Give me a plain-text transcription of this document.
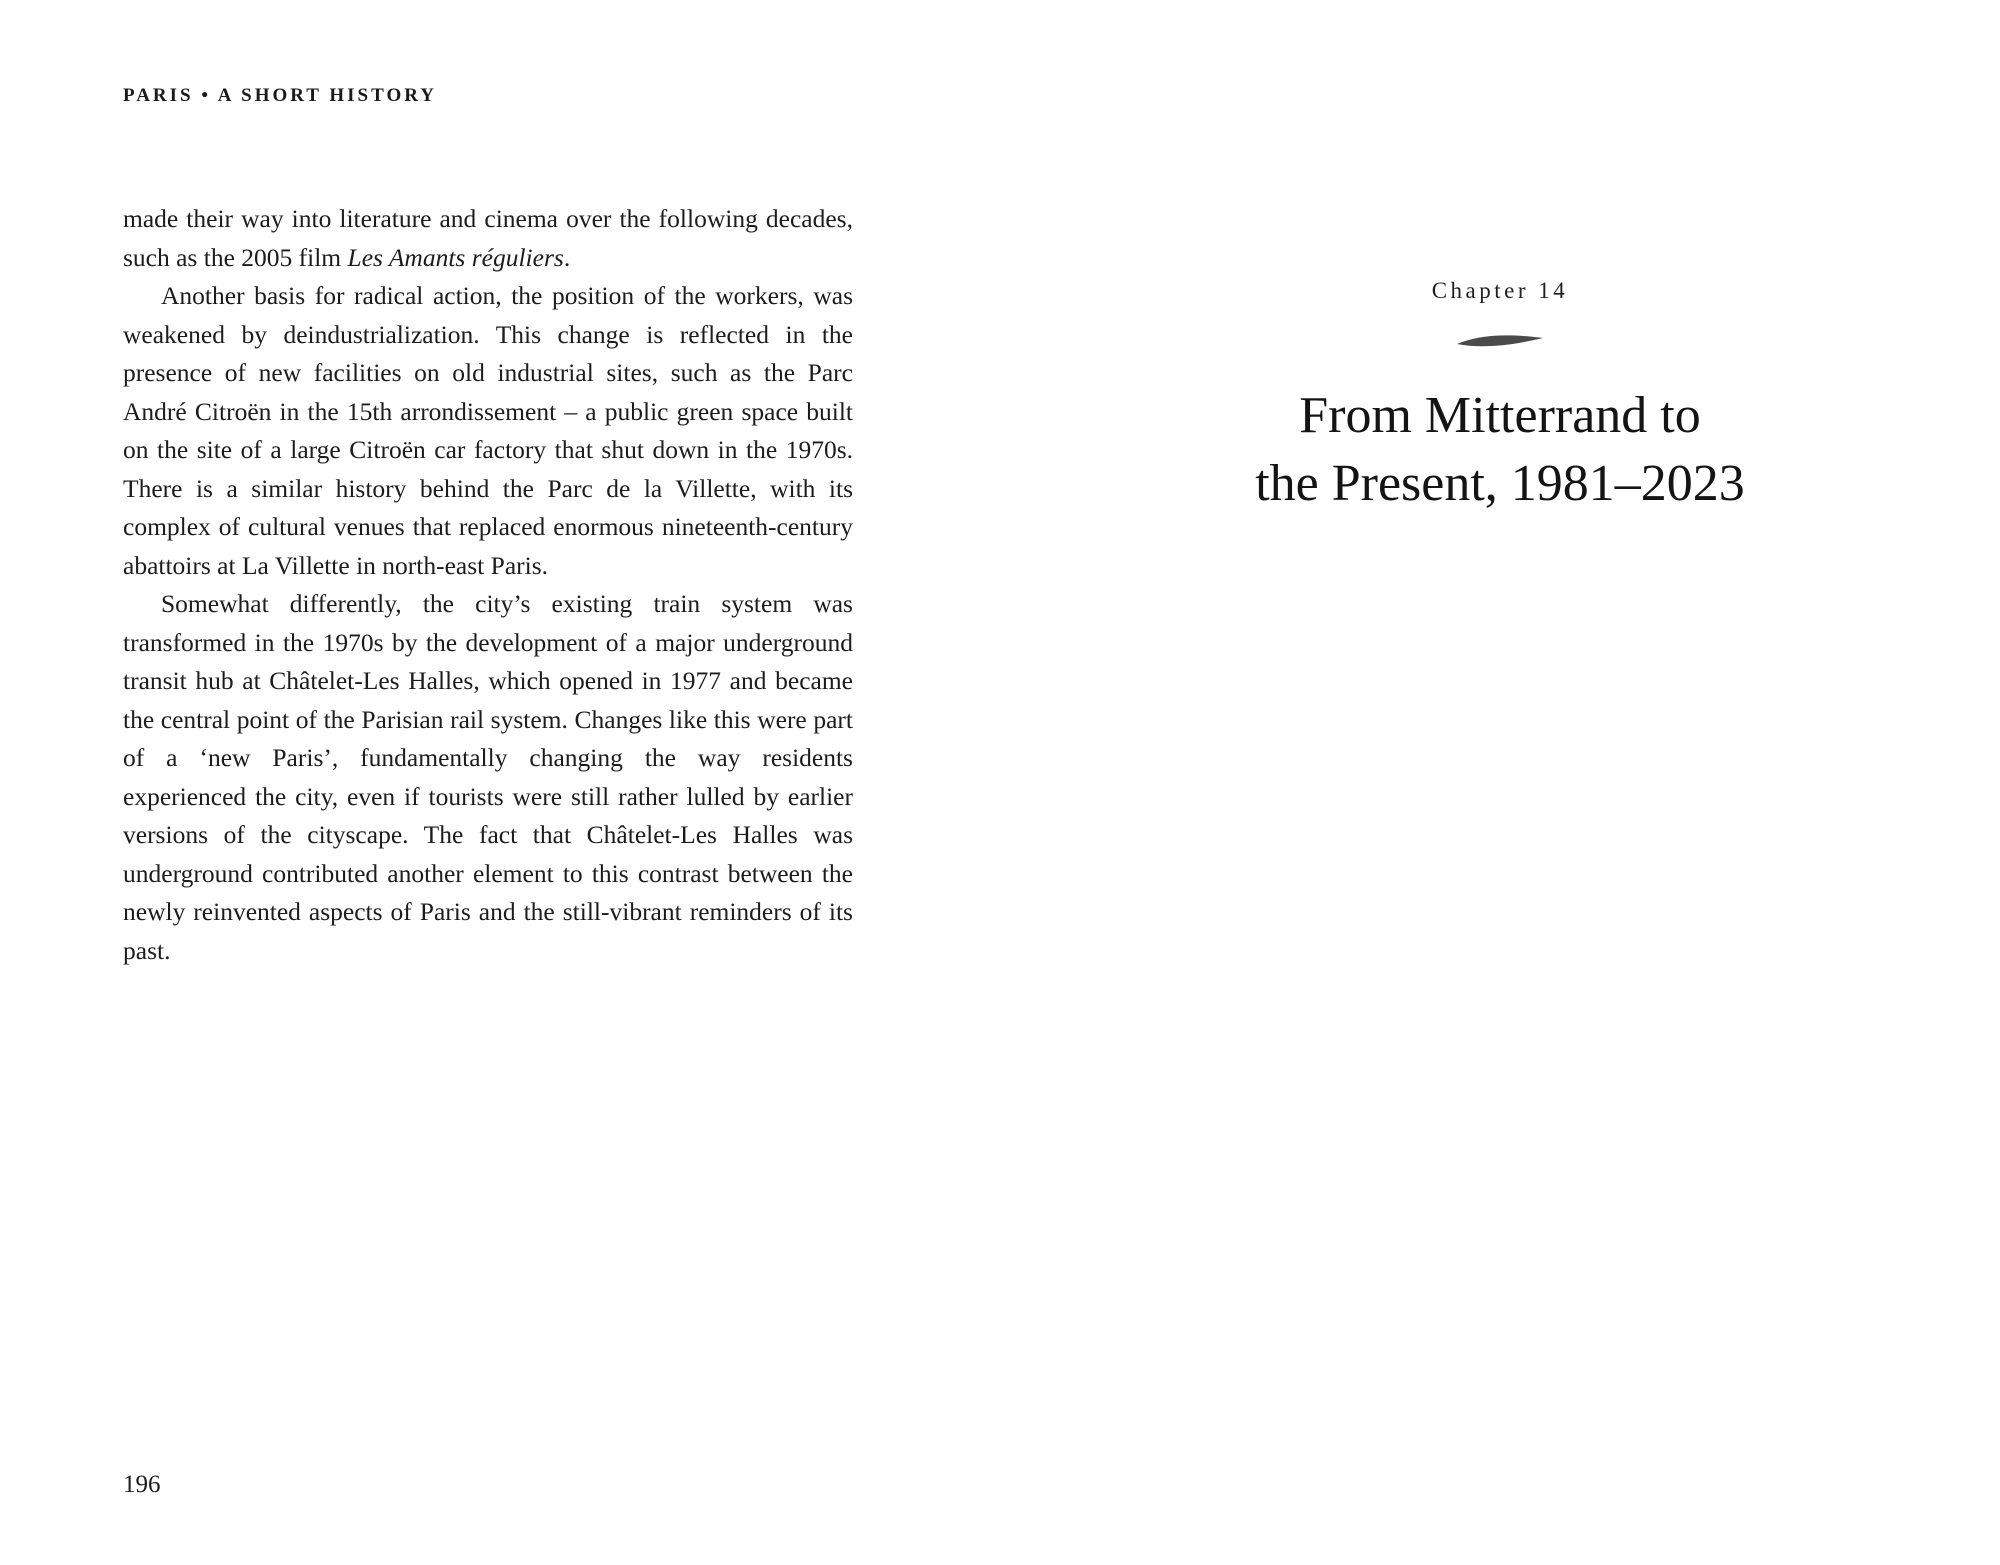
PARIS • A SHORT HISTORY

made their way into literature and cinema over the following decades, such as the 2005 film Les Amants réguliers.

Another basis for radical action, the position of the workers, was weakened by deindustrialization. This change is reflected in the presence of new facilities on old industrial sites, such as the Parc André Citroën in the 15th arrondissement – a public green space built on the site of a large Citroën car factory that shut down in the 1970s. There is a similar history behind the Parc de la Villette, with its complex of cultural venues that replaced enormous nineteenth-century abattoirs at La Villette in north-east Paris.

Somewhat differently, the city’s existing train system was transformed in the 1970s by the development of a major underground transit hub at Châtelet-Les Halles, which opened in 1977 and became the central point of the Parisian rail system. Changes like this were part of a ‘new Paris’, fundamentally changing the way residents experienced the city, even if tourists were still rather lulled by earlier versions of the cityscape. The fact that Châtelet-Les Halles was underground contributed another element to this contrast between the newly reinvented aspects of Paris and the still-vibrant reminders of its past.

196
Chapter 14
From Mitterrand to
the Present, 1981–2023
